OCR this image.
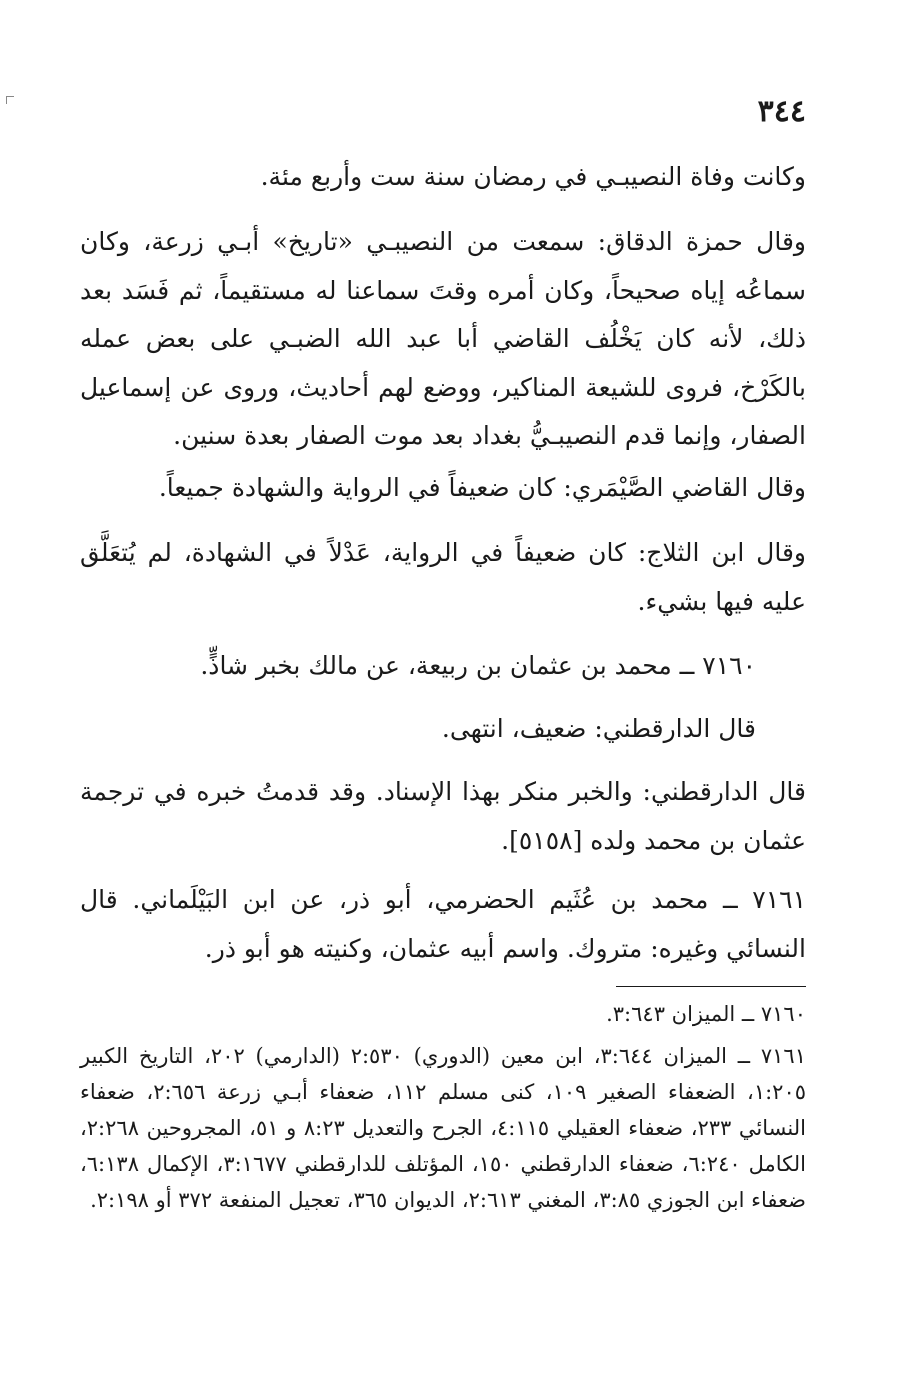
٣٤٤
وكانت وفاة النصيبـي في رمضان سنة ست وأربع مئة.
وقال حمزة الدقاق: سمعت من النصيبـي «تاريخ» أبـي زرعة، وكان سماعُه إياه صحيحاً، وكان أمره وقتَ سماعنا له مستقيماً، ثم فَسَد بعد ذلك، لأنه كان يَخْلُف القاضي أبا عبد الله الضبـي على بعض عمله بالكَرْخ، فروى للشيعة المناكير، ووضع لهم أحاديث، وروى عن إسماعيل الصفار، وإنما قدم النصيبـيُّ بغداد بعد موت الصفار بعدة سنين.
وقال القاضي الصَّيْمَري: كان ضعيفاً في الرواية والشهادة جميعاً.
وقال ابن الثلاج: كان ضعيفاً في الرواية، عَدْلاً في الشهادة، لم يُتعَلَّق عليه فيها بشيء.
٧١٦٠ ــ محمد بن عثمان بن ربيعة، عن مالك بخبر شاذٍّ.
قال الدارقطني: ضعيف، انتهى.
قال الدارقطني: والخبر منكر بهذا الإسناد. وقد قدمتُ خبره في ترجمة عثمان بن محمد ولده [٥١٥٨].
٧١٦١ ــ محمد بن عُثَيم الحضرمي، أبو ذر، عن ابن البَيْلَماني. قال النسائي وغيره: متروك. واسم أبيه عثمان، وكنيته هو أبو ذر.
٧١٦٠ ــ الميزان ٣:٦٤٣.
٧١٦١ ــ الميزان ٣:٦٤٤، ابن معين (الدوري) ٢:٥٣٠ (الدارمي) ٢٠٢، التاريخ الكبير ١:٢٠٥، الضعفاء الصغير ١٠٩، كنى مسلم ١١٢، ضعفاء أبـي زرعة ٢:٦٥٦، ضعفاء النسائي ٢٣٣، ضعفاء العقيلي ٤:١١٥، الجرح والتعديل ٨:٢٣ و ٥١، المجروحين ٢:٢٦٨، الكامل ٦:٢٤٠، ضعفاء الدارقطني ١٥٠، المؤتلف للدارقطني ٣:١٦٧٧، الإكمال ٦:١٣٨، ضعفاء ابن الجوزي ٣:٨٥، المغني ٢:٦١٣، الديوان ٣٦٥، تعجيل المنفعة ٣٧٢ أو ٢:١٩٨.
